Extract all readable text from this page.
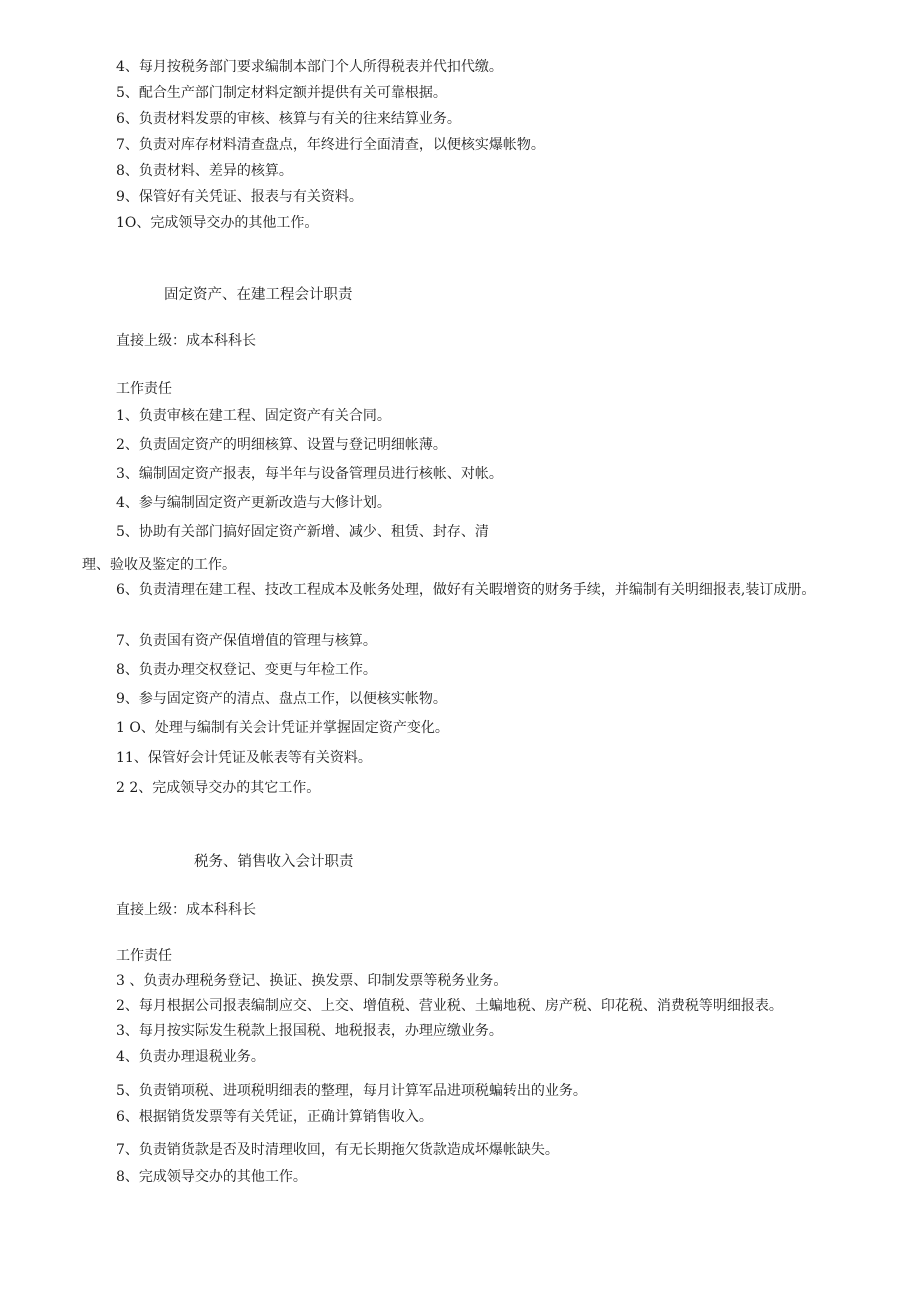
4、每月按税务部门要求编制本部门个人所得税表并代扣代缴。
5、配合生产部门制定材料定额并提供有关可靠根据。
6、负责材料发票的审核、核算与有关的往来结算业务。
7、负责对库存材料清查盘点，年终进行全面清查，以便核实爆帐物。
8、负责材料、差异的核算。
9、保管好有关凭证、报表与有关资料。
1O、完成领导交办的其他工作。
固定资产、在建工程会计职责
直接上级：成本科科长
工作责任
1、负责审核在建工程、固定资产有关合同。
2、负责固定资产的明细核算、设置与登记明细帐薄。
3、编制固定资产报表，每半年与设备管理员进行核帐、对帐。
4、参与编制固定资产更新改造与大修计划。
5、协助有关部门搞好固定资产新增、减少、租赁、封存、清
理、验收及鉴定的工作。
6、负责清理在建工程、技改工程成本及帐务处理，做好有关暇增资的财务手续，并编制有关明细报表,装订成册。
7、负责国有资产保值增值的管理与核算。
8、负责办理交权登记、变更与年检工作。
9、参与固定资产的清点、盘点工作，以便核实帐物。
1 O、处理与编制有关会计凭证并掌握固定资产变化。
11、保管好会计凭证及帐表等有关资料。
2 2、完成领导交办的其它工作。
税务、销售收入会计职责
直接上级：成本科科长
工作责任
3 、负责办理税务登记、换证、换发票、印制发票等税务业务。
2、每月根据公司报表编制应交、上交、增值税、营业税、土蝙地税、房产税、印花税、消费税等明细报表。
3、每月按实际发生税款上报国税、地税报表，办理应缴业务。
4、负责办理退税业务。
5、负责销项税、进项税明细表的整理，每月计算军品进项税蝙转出的业务。
6、根据销货发票等有关凭证，正确计算销售收入。
7、负责销货款是否及时清理收回，有无长期拖欠货款造成坏爆帐缺失。
8、完成领导交办的其他工作。
